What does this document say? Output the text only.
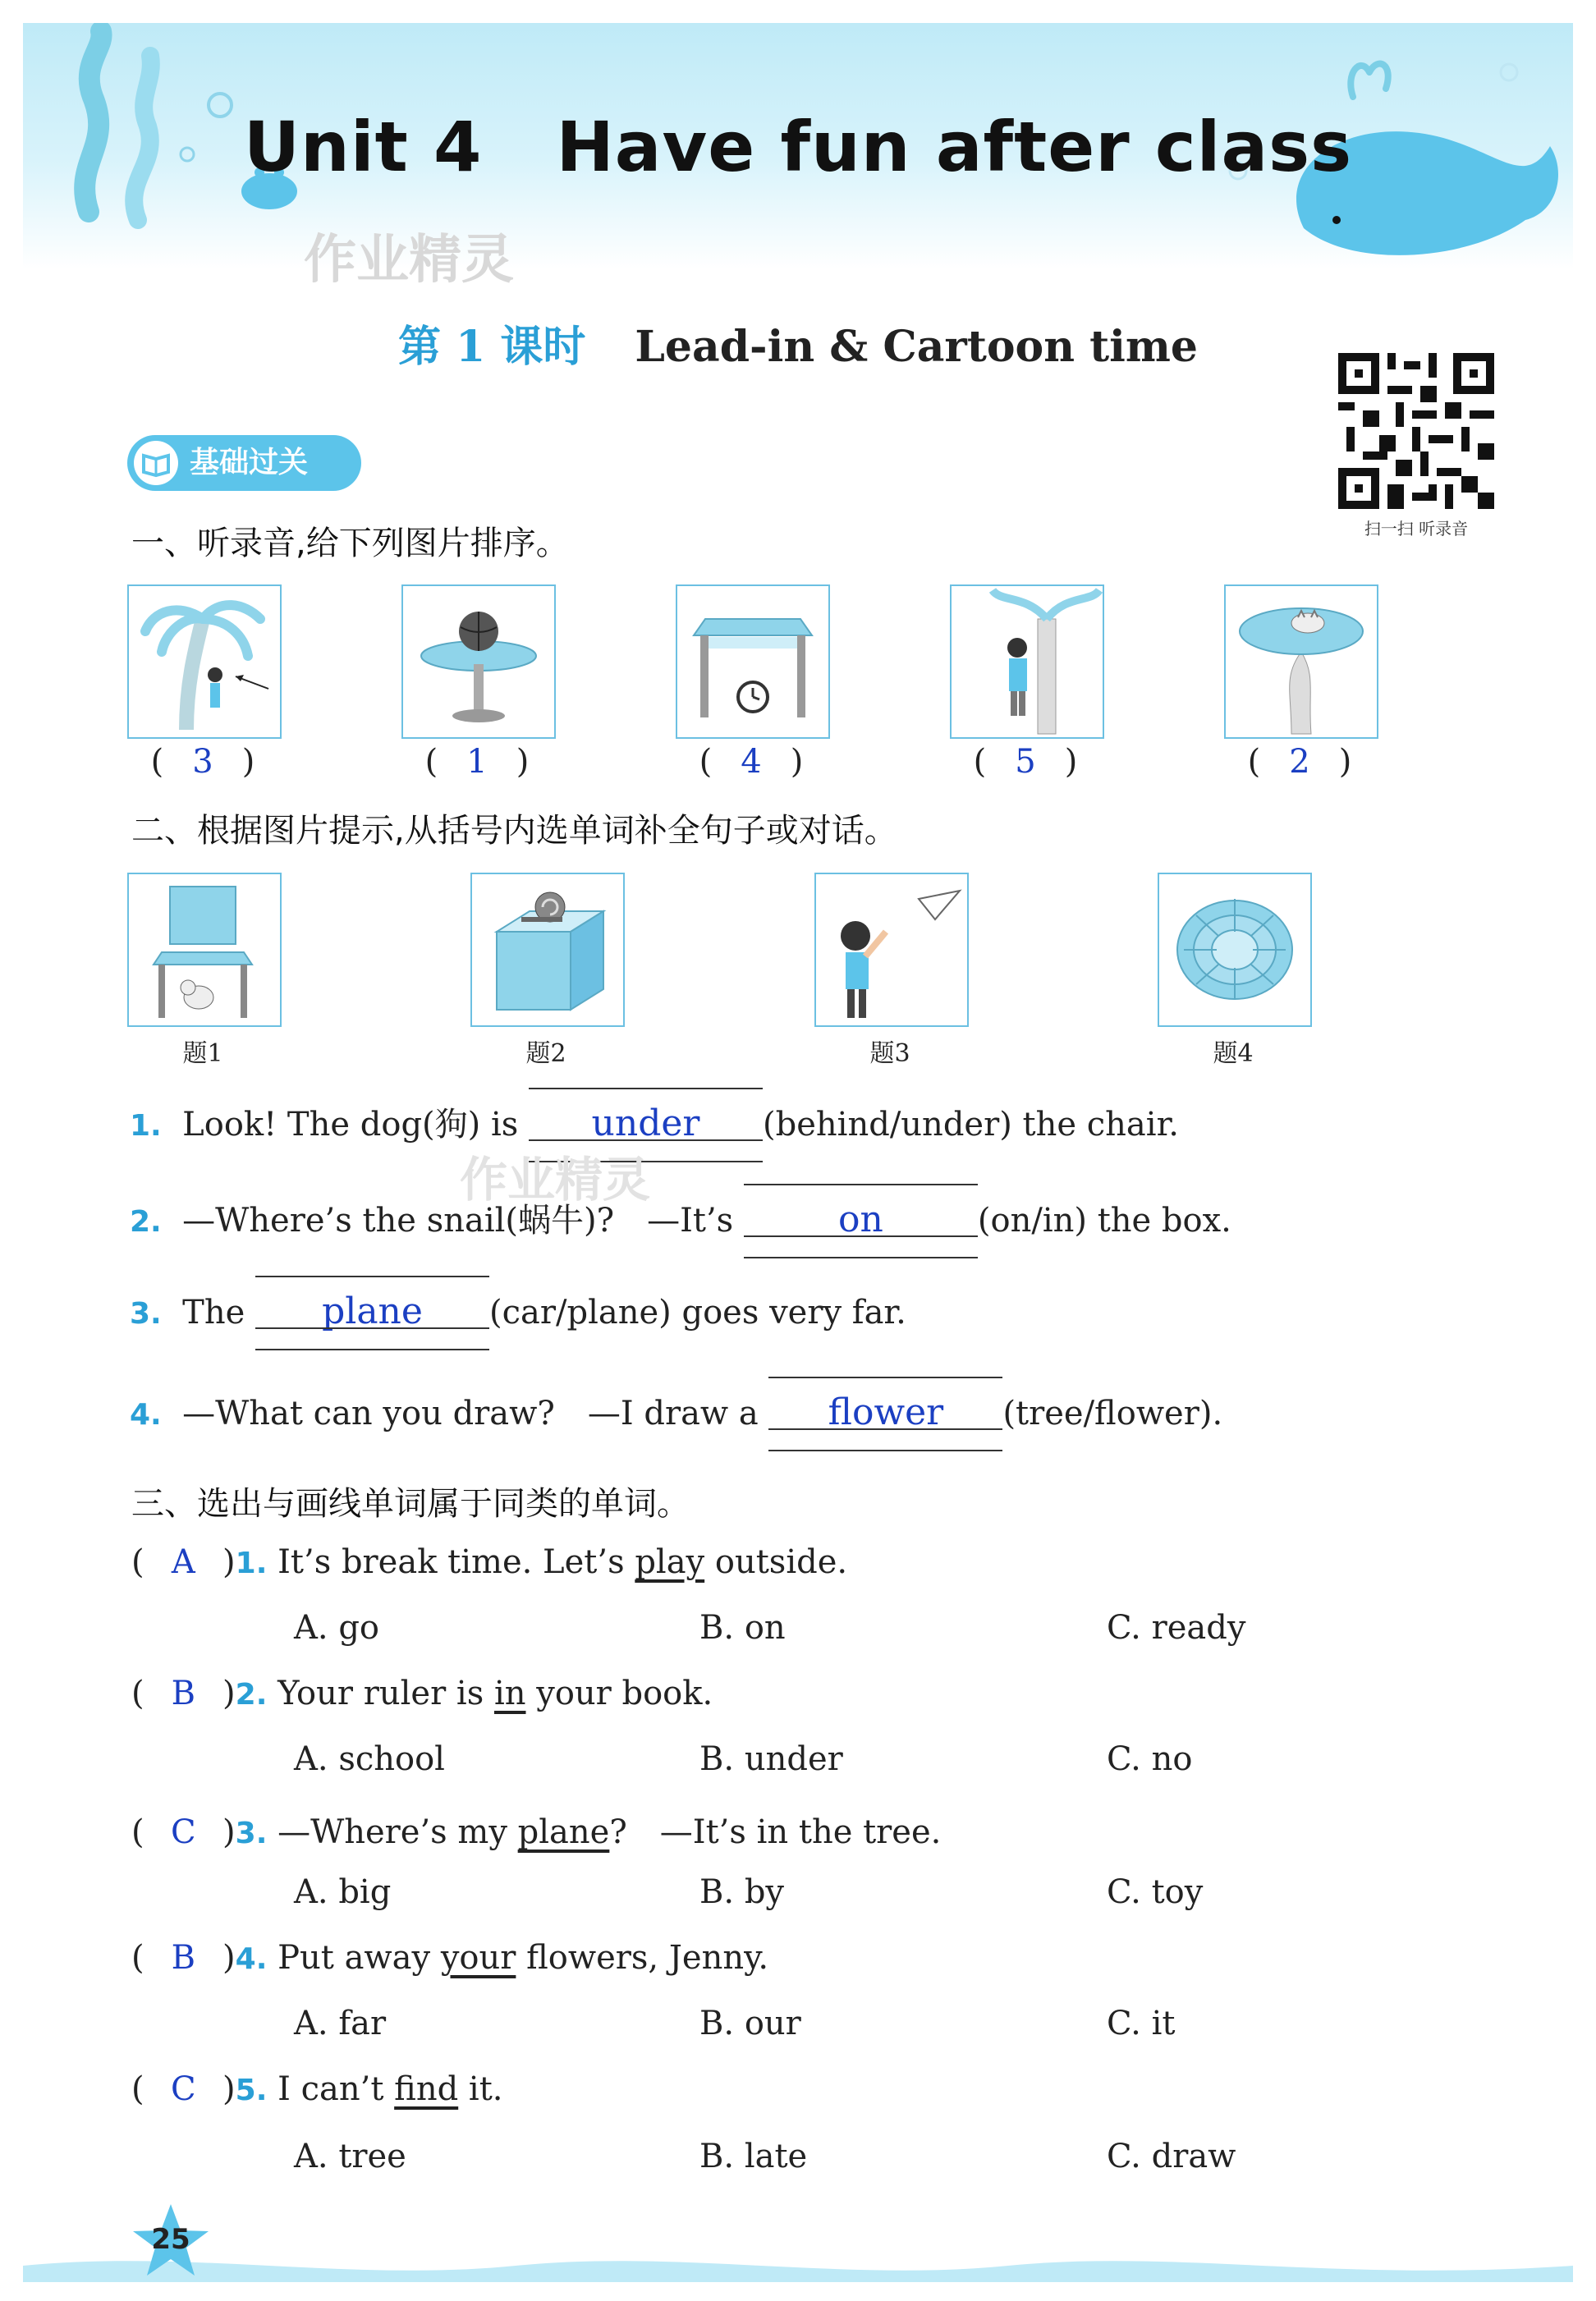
Unit 4 Have fun after class
作业精灵
第 1 课时 Lead-in & Cartoon time
扫一扫 听录音
基础过关
一、听录音,给下列图片排序。
( 3 )	( 1 )	( 4 )	( 5 )	( 2 )
二、根据图片提示,从括号内选单词补全句子或对话。
题1	题2	题3	题4
1. Look! The dog(狗) is under (behind/under) the chair.
作业精灵
2. —Where’s the snail(蜗牛)?　—It’s	on	(on/in) the box.
3. The plane (car/plane) goes very far.
4. —What can you draw?　—I draw a flower (tree/flower).
三、选出与画线单词属于同类的单词。
( A )1. It’s break time. Let’s play outside.
A. go	B. on	C. ready
( B )2. Your ruler is in your book.
A. school	B. under	C. no
( C )3. —Where’s my plane?　—It’s in the tree.
A. big	B. by	C. toy
( B )4. Put away your flowers, Jenny.
A. far	B. our	C. it
( C )5. I can’t find it.
A. tree	B. late	C. draw
25
